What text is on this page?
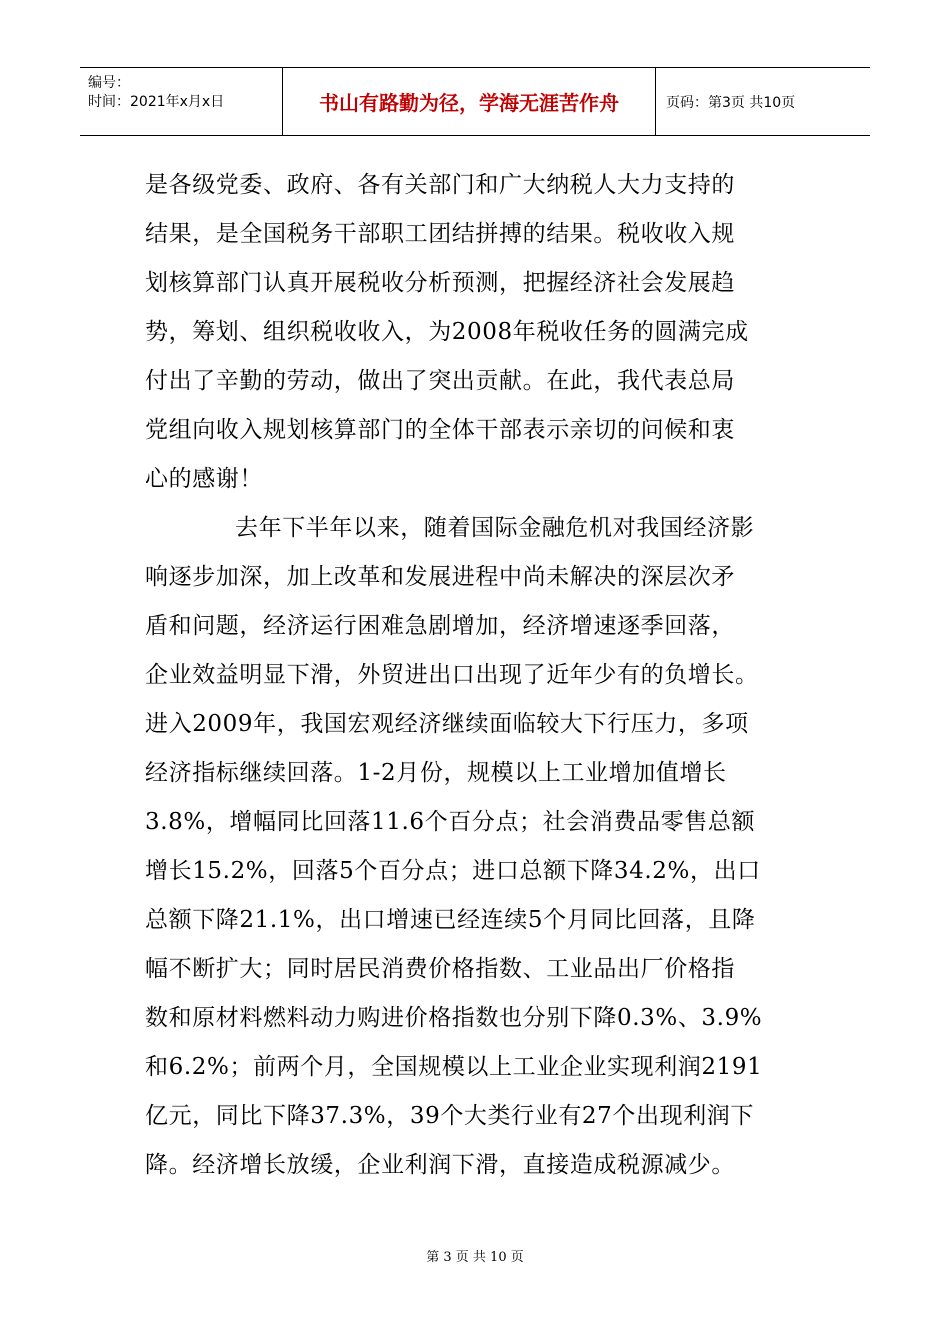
编号：
时间：2021年x月x日	书山有路勤为径，学海无涯苦作舟	页码：第3页 共10页
是各级党委、政府、各有关部门和广大纳税人大力支持的
结果，是全国税务干部职工团结拼搏的结果。税收收入规
划核算部门认真开展税收分析预测，把握经济社会发展趋
势，筹划、组织税收收入，为2008年税收任务的圆满完成
付出了辛勤的劳动，做出了突出贡献。在此，我代表总局
党组向收入规划核算部门的全体干部表示亲切的问候和衷
心的感谢！
去年下半年以来，随着国际金融危机对我国经济影
响逐步加深，加上改革和发展进程中尚未解决的深层次矛
盾和问题，经济运行困难急剧增加，经济增速逐季回落，
企业效益明显下滑，外贸进出口出现了近年少有的负增长。
进入2009年，我国宏观经济继续面临较大下行压力，多项
经济指标继续回落。1-2月份，规模以上工业增加值增长
3.8%，增幅同比回落11.6个百分点；社会消费品零售总额
增长15.2%，回落5个百分点；进口总额下降34.2%，出口
总额下降21.1%，出口增速已经连续5个月同比回落，且降
幅不断扩大；同时居民消费价格指数、工业品出厂价格指
数和原材料燃料动力购进价格指数也分别下降0.3%、3.9%
和6.2%；前两个月，全国规模以上工业企业实现利润2191
亿元，同比下降37.3%，39个大类行业有27个出现利润下
降。经济增长放缓，企业利润下滑，直接造成税源减少。
第 3 页 共 10 页
